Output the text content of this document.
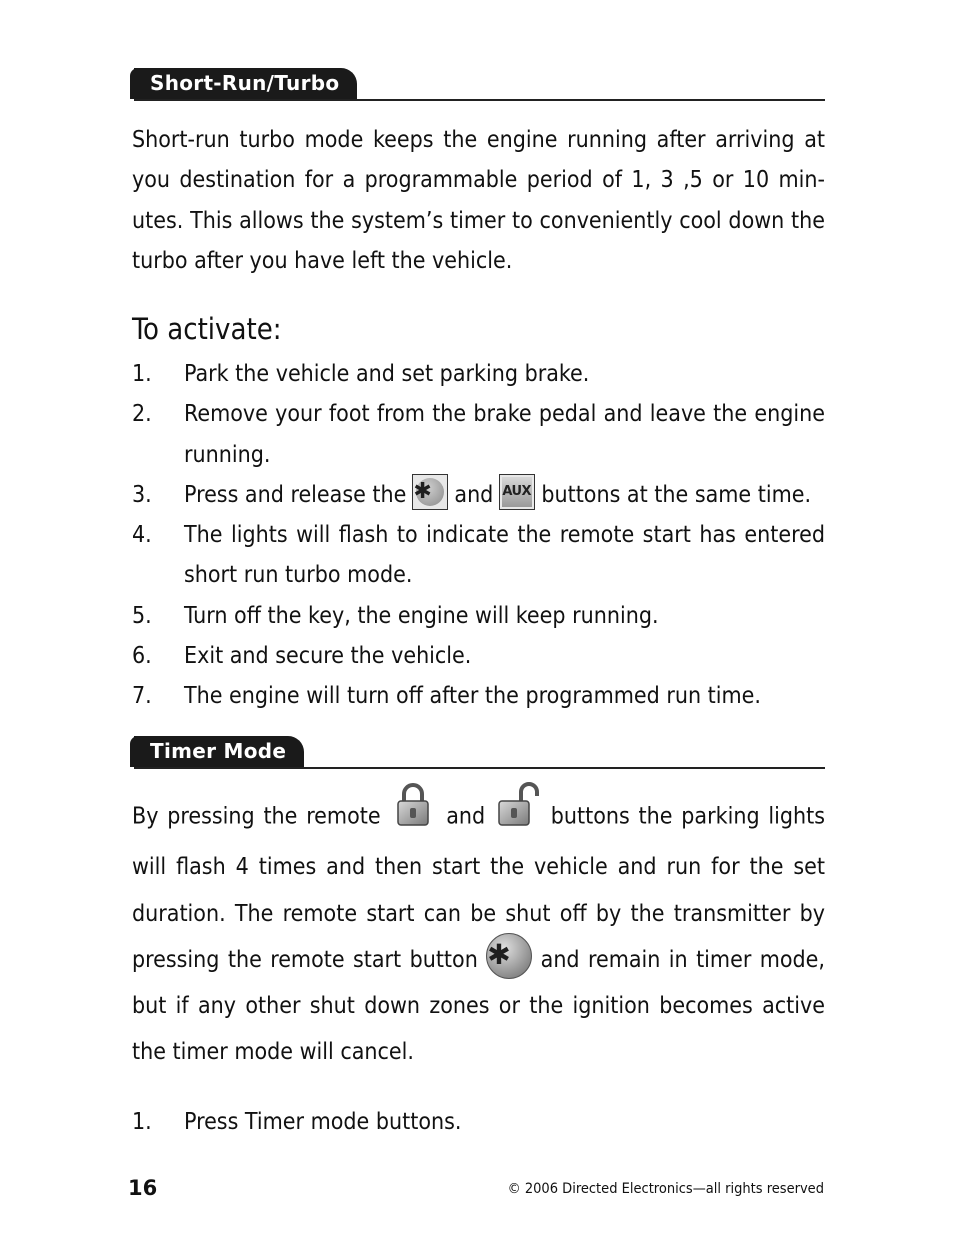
Short-Run/Turbo

Short-run turbo mode keeps the engine running after arriving at you destination for a programmable period of 1, 3 ,5 or 10 min-utes. This allows the system’s timer to conveniently cool down the turbo after you have left the vehicle.

To activate:
1. Park the vehicle and set parking brake.
2. Remove your foot from the brake pedal and leave the engine running.
3. Press and release the ✱ and AUX buttons at the same time.
4. The lights will flash to indicate the remote start has entered short run turbo mode.
5. Turn off the key, the engine will keep running.
6. Exit and secure the vehicle.
7. The engine will turn off after the programmed run time.
Timer Mode

By pressing the remote	and	buttons the parking lights will flash 4 times and then start the vehicle and run for the set duration. The remote start can be shut off by the transmitter by pressing the remote start button ✱	and remain in timer mode, but if any other shut down zones or the ignition becomes active the timer mode will cancel.

1. Press Timer mode buttons.
16	© 2006 Directed Electronics—all rights reserved
